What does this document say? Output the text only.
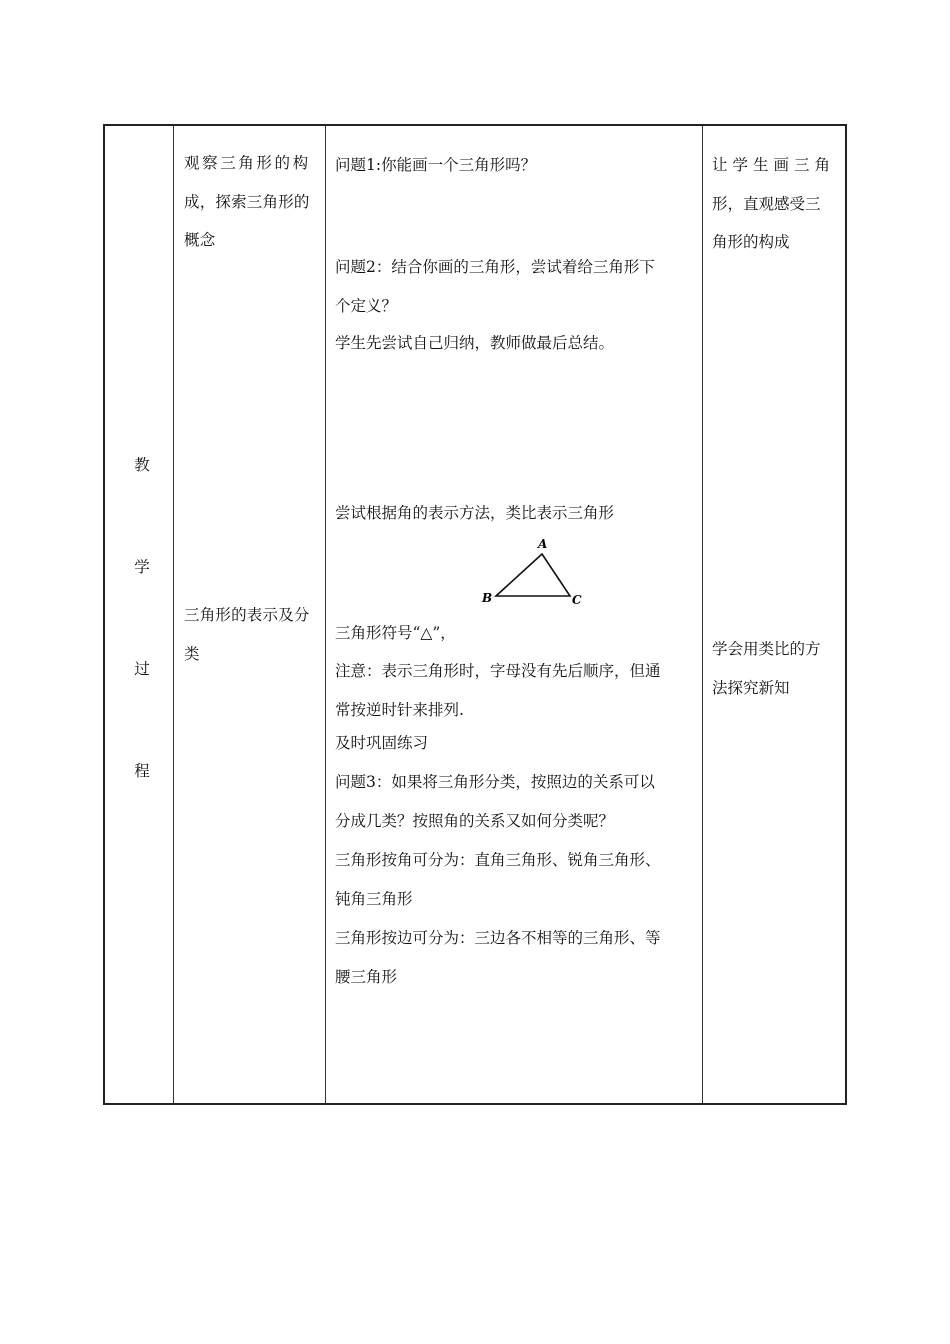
教
学
过
程
观察三角形的构
成，探索三角形的
概念
三角形的表示及分
类
问题1:你能画一个三角形吗？
问题2：结合你画的三角形，尝试着给三角形下
个定义？
学生先尝试自己归纳，教师做最后总结。
尝试根据角的表示方法，类比表示三角形
A
B	C
三角形符号“△”，
注意：表示三角形时，字母没有先后顺序，但通
常按逆时针来排列.
及时巩固练习
问题3：如果将三角形分类，按照边的关系可以
分成几类？按照角的关系又如何分类呢？
三角形按角可分为：直角三角形、锐角三角形、
钝角三角形
三角形按边可分为：三边各不相等的三角形、等
腰三角形
让学生画三角
形，直观感受三
角形的构成
学会用类比的方
法探究新知
